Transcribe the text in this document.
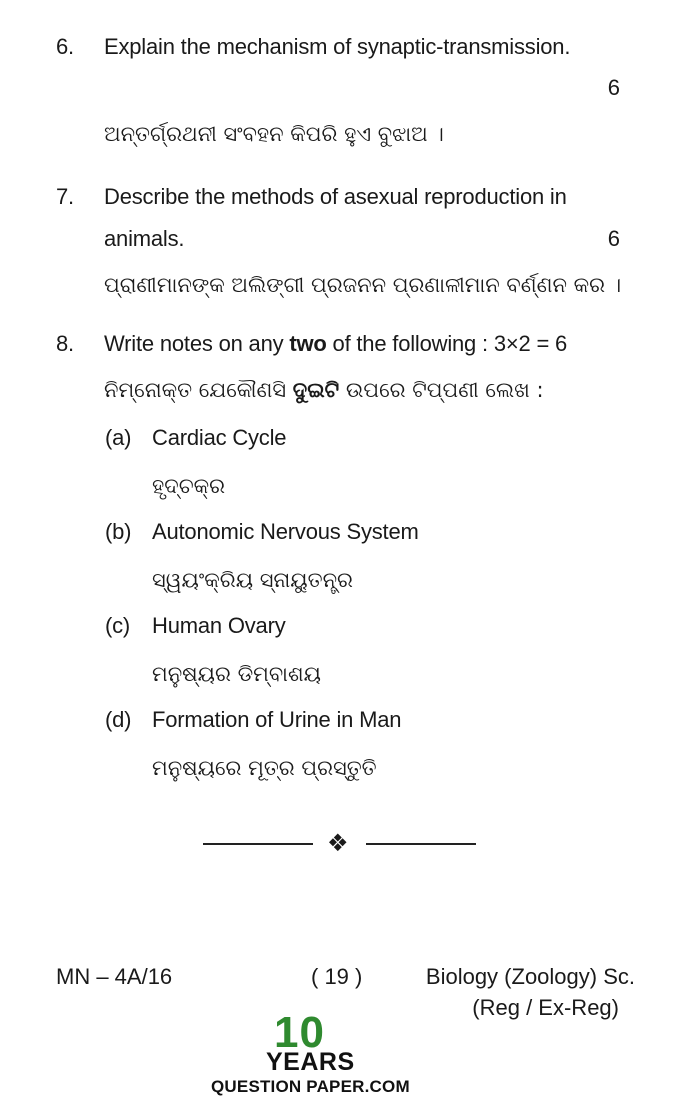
6. Explain the mechanism of synaptic-transmission.
6
ଅନ୍ତର୍ଗ୍ରଥନୀ ସଂବହନ କିପରି ହୁଏ ବୁଝାଅ ।
7. Describe the methods of asexual reproduction in
animals.	6
ପ୍ରାଣୀମାନଙ୍କ ଅଲିଙ୍ଗୀ ପ୍ରଜନନ ପ୍ରଣାଳୀମାନ ବର୍ଣ୍ଣନ କର ।
8. Write notes on any two of the following : 3×2 = 6
ନିମ୍ନୋକ୍ତ ଯେକୌଣସି ଦୁଇଟି ଉପରେ ଟିପ୍ପଣୀ ଲେଖ :
(a) Cardiac Cycle
ହୃଦ୍‌ଚକ୍ର
(b) Autonomic Nervous System
ସ୍ୱୟଂକ୍ରିୟ ସ୍ନାୟୁତନ୍ତ୍ର
(c) Human Ovary
ମନୁଷ୍ୟର ଡିମ୍ବାଶୟ
(d) Formation of Urine in Man
ମନୁଷ୍ୟରେ ମୂତ୍ର ପ୍ରସ୍ତୁତି
❖
MN – 4A/16	( 19 )	Biology (Zoology) Sc.
(Reg / Ex-Reg)
10
YEARS
QUESTION PAPER.COM
